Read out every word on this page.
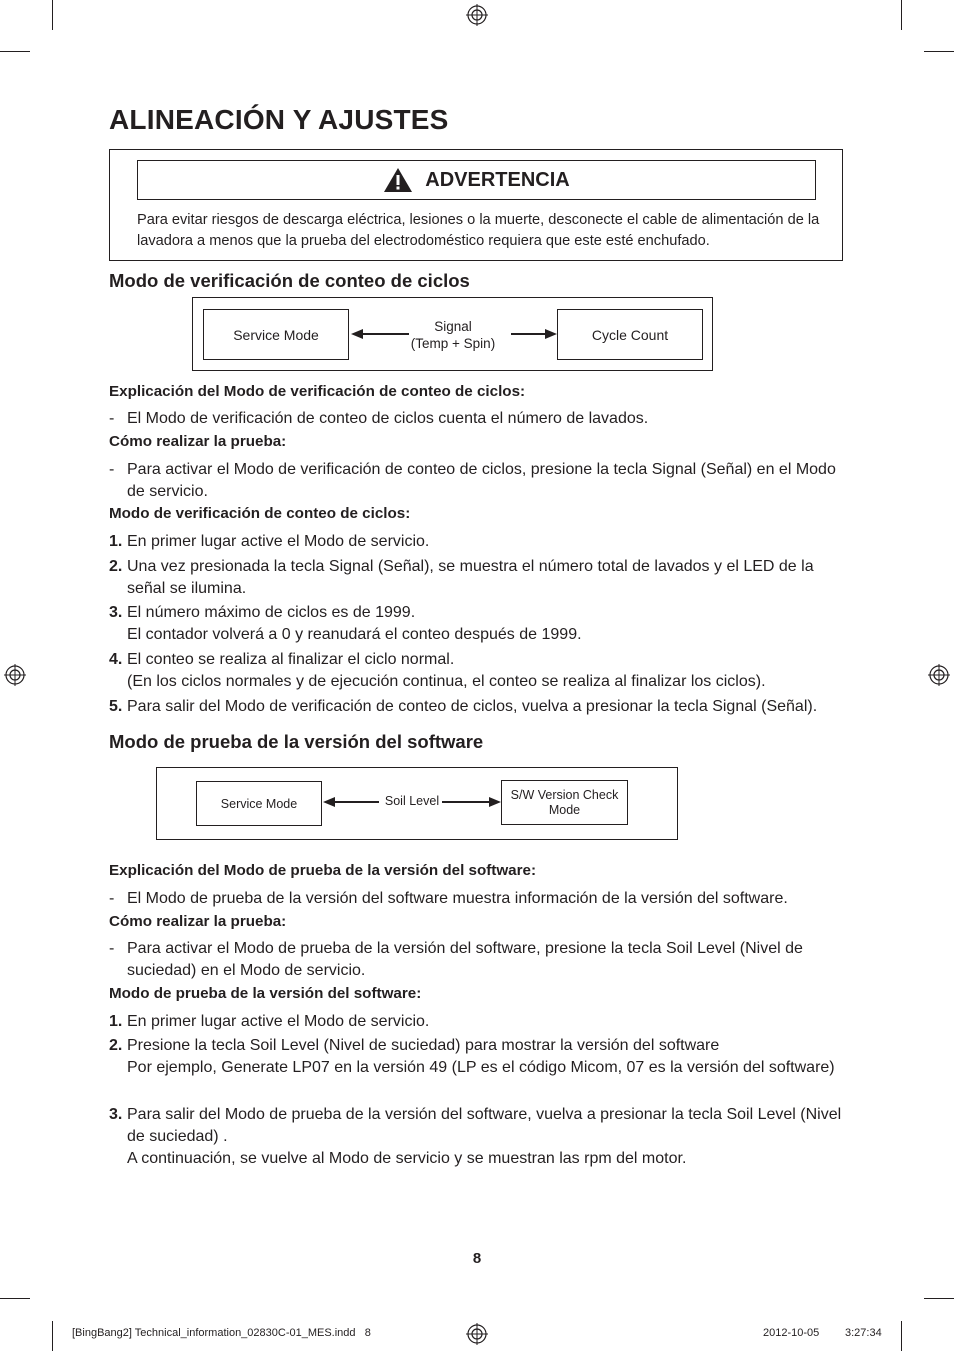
ALINEACIÓN Y AJUSTES
ADVERTENCIA
Para evitar riesgos de descarga eléctrica, lesiones o la muerte, desconecte el cable de alimentación de la lavadora a menos que la prueba del electrodoméstico requiera que este esté enchufado.
Modo de verificación de conteo de ciclos
Service Mode	Signal
(Temp + Spin)
Cycle Count
Explicación del Modo de verificación de conteo de ciclos:
- El Modo de verificación de conteo de ciclos cuenta el número de lavados.
Cómo realizar la prueba:
- Para activar el Modo de verificación de conteo de ciclos, presione la tecla Signal (Señal) en el Modo de servicio.
Modo de verificación de conteo de ciclos:
1. En primer lugar active el Modo de servicio.
2. Una vez presionada la tecla Signal (Señal), se muestra el número total de lavados y el LED de la señal se ilumina.
3. El número máximo de ciclos es de 1999.
El contador volverá a 0 y reanudará el conteo después de 1999.
4. El conteo se realiza al finalizar el ciclo normal.
(En los ciclos normales y de ejecución continua, el conteo se realiza al finalizar los ciclos).
5. Para salir del Modo de verificación de conteo de ciclos, vuelva a presionar la tecla Signal (Señal).
Modo de prueba de la versión del software
Service Mode	Soil Level	S/W Version Check
Mode
Explicación del Modo de prueba de la versión del software:
- El Modo de prueba de la versión del software muestra información de la versión del software.
Cómo realizar la prueba:
- Para activar el Modo de prueba de la versión del software, presione la tecla Soil Level (Nivel de suciedad) en el Modo de servicio.
Modo de prueba de la versión del software:
1. En primer lugar active el Modo de servicio.
2. Presione la tecla Soil Level (Nivel de suciedad) para mostrar la versión del software
Por ejemplo, Generate LP07 en la versión 49 (LP es el código Micom, 07 es la versión del software)
3. Para salir del Modo de prueba de la versión del software, vuelva a presionar la tecla Soil Level (Nivel de suciedad) .
A continuación, se vuelve al Modo de servicio y se muestran las rpm del motor.
8
[BingBang2] Technical_information_02830C-01_MES.indd   8	2012-10-05 3:27:34
